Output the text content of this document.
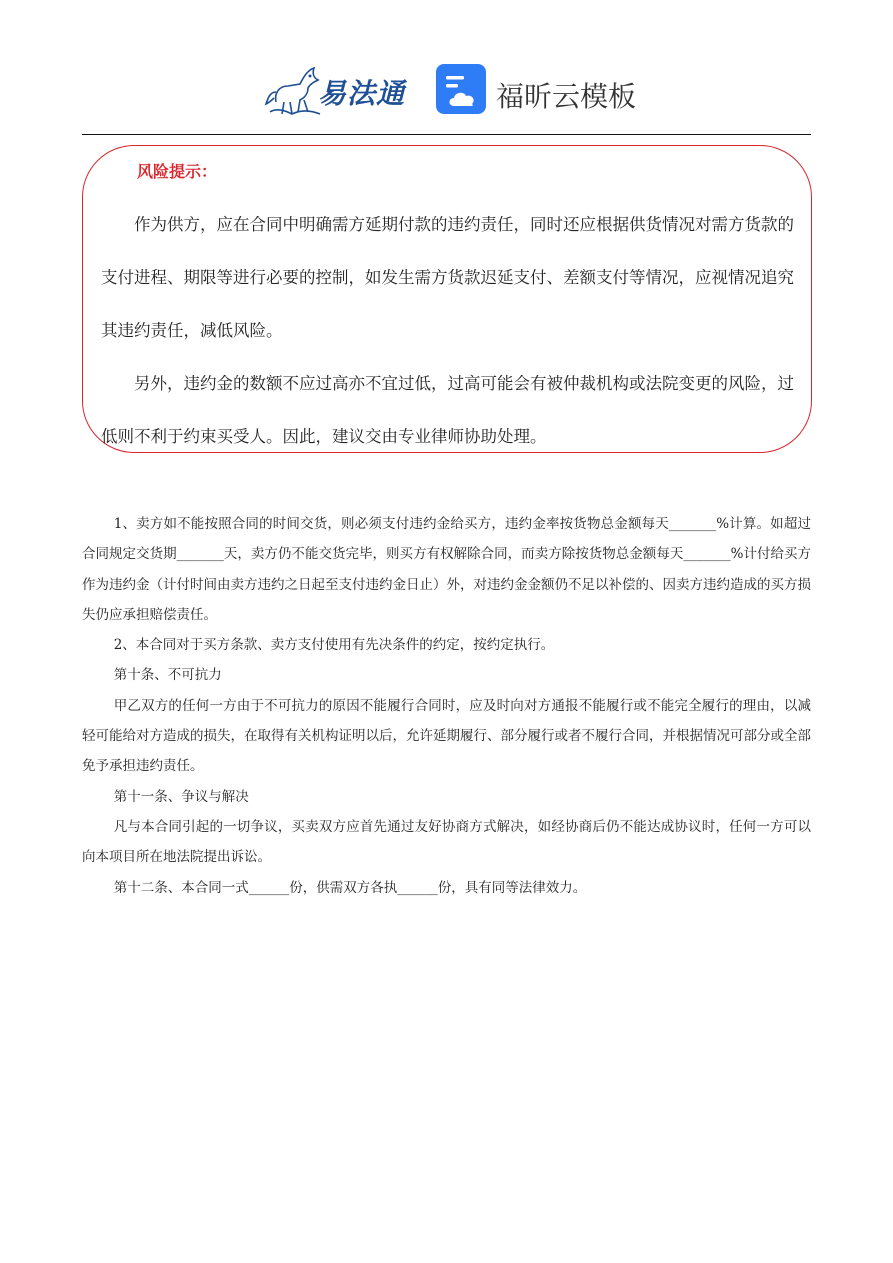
易法通	福昕云模板
风险提示：

作为供方，应在合同中明确需方延期付款的违约责任，同时还应根据供货情况对需方货款的支付进程、期限等进行必要的控制，如发生需方货款迟延支付、差额支付等情况，应视情况追究其违约责任，减低风险。

另外，违约金的数额不应过高亦不宜过低，过高可能会有被仲裁机构或法院变更的风险，过低则不利于约束买受人。因此，建议交由专业律师协助处理。

1、卖方如不能按照合同的时间交货，则必须支付违约金给买方，违约金率按货物总金额每天_______%计算。如超过合同规定交货期_______天，卖方仍不能交货完毕，则买方有权解除合同，而卖方除按货物总金额每天_______%计付给买方作为违约金（计付时间由卖方违约之日起至支付违约金日止）外，对违约金金额仍不足以补偿的、因卖方违约造成的买方损失仍应承担赔偿责任。

2、本合同对于买方条款、卖方支付使用有先决条件的约定，按约定执行。

第十条、不可抗力

甲乙双方的任何一方由于不可抗力的原因不能履行合同时，应及时向对方通报不能履行或不能完全履行的理由，以减轻可能给对方造成的损失，在取得有关机构证明以后，允许延期履行、部分履行或者不履行合同，并根据情况可部分或全部免予承担违约责任。

第十一条、争议与解决

凡与本合同引起的一切争议，买卖双方应首先通过友好协商方式解决，如经协商后仍不能达成协议时，任何一方可以向本项目所在地法院提出诉讼。

第十二条、本合同一式______份，供需双方各执______份，具有同等法律效力。
